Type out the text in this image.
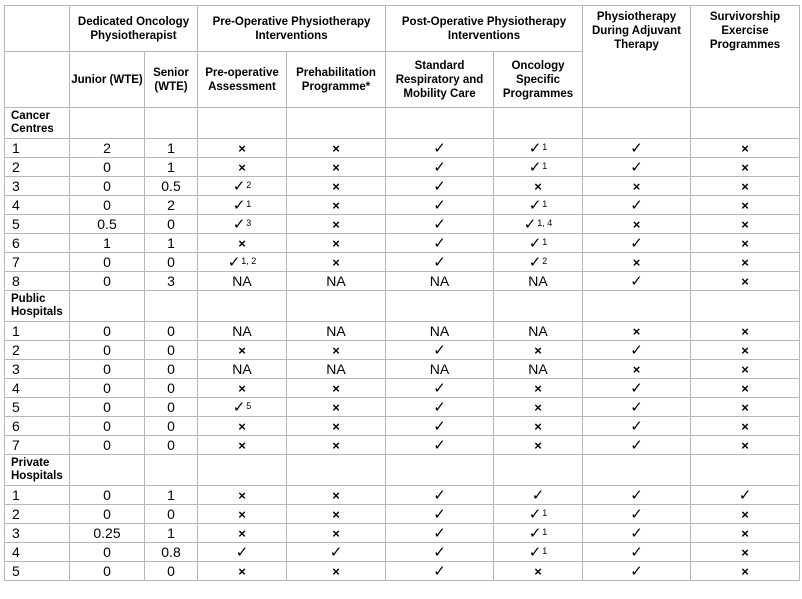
	Dedicated Oncology Physiotherapist		Pre-Operative Physiotherapy Interventions		Post-Operative Physiotherapy Interventions		Physiotherapy During Adjuvant Therapy	Survivorship Exercise Programmes
	Junior (WTE)	Senior (WTE)	Pre-operative Assessment	Prehabilitation Programme*	Standard Respiratory and Mobility Care	Oncology Specific Programmes		
Cancer Centres								
1	2	1	×	×	✓	✓$^1$	✓	×
2	0	1	×	×	✓	✓$^1$	✓	×
3	0	0.5	✓$^2$	×	✓	×	×	×
4	0	2	✓$^1$	×	✓	✓$^1$	✓	×
5	0.5	0	✓$^3$	×	✓	✓$^{1, 4}$	×	×
6	1	1	×	×	✓	✓$^1$	✓	×
7	0	0	✓$^{1, 2}$	×	✓	✓$^2$	×	×
8	0	3	NA	NA	NA	NA	✓	×
Public Hospitals								
1	0	0	NA	NA	NA	NA	×	×
2	0	0	×	×	✓	×	✓	×
3	0	0	NA	NA	NA	NA	×	×
4	0	0	×	×	✓	×	✓	×
5	0	0	✓$^5$	×	✓	×	✓	×
6	0	0	×	×	✓	×	✓	×
7	0	0	×	×	✓	×	✓	×
Private Hospitals								
1	0	1	×	×	✓	✓	✓	✓
2	0	0	×	×	✓	✓$^1$	✓	×
3	0.25	1	×	×	✓	✓$^1$	✓	×
4	0	0.8	✓	✓	✓	✓$^1$	✓	×
5	0	0	×	×	✓	×	✓	×
